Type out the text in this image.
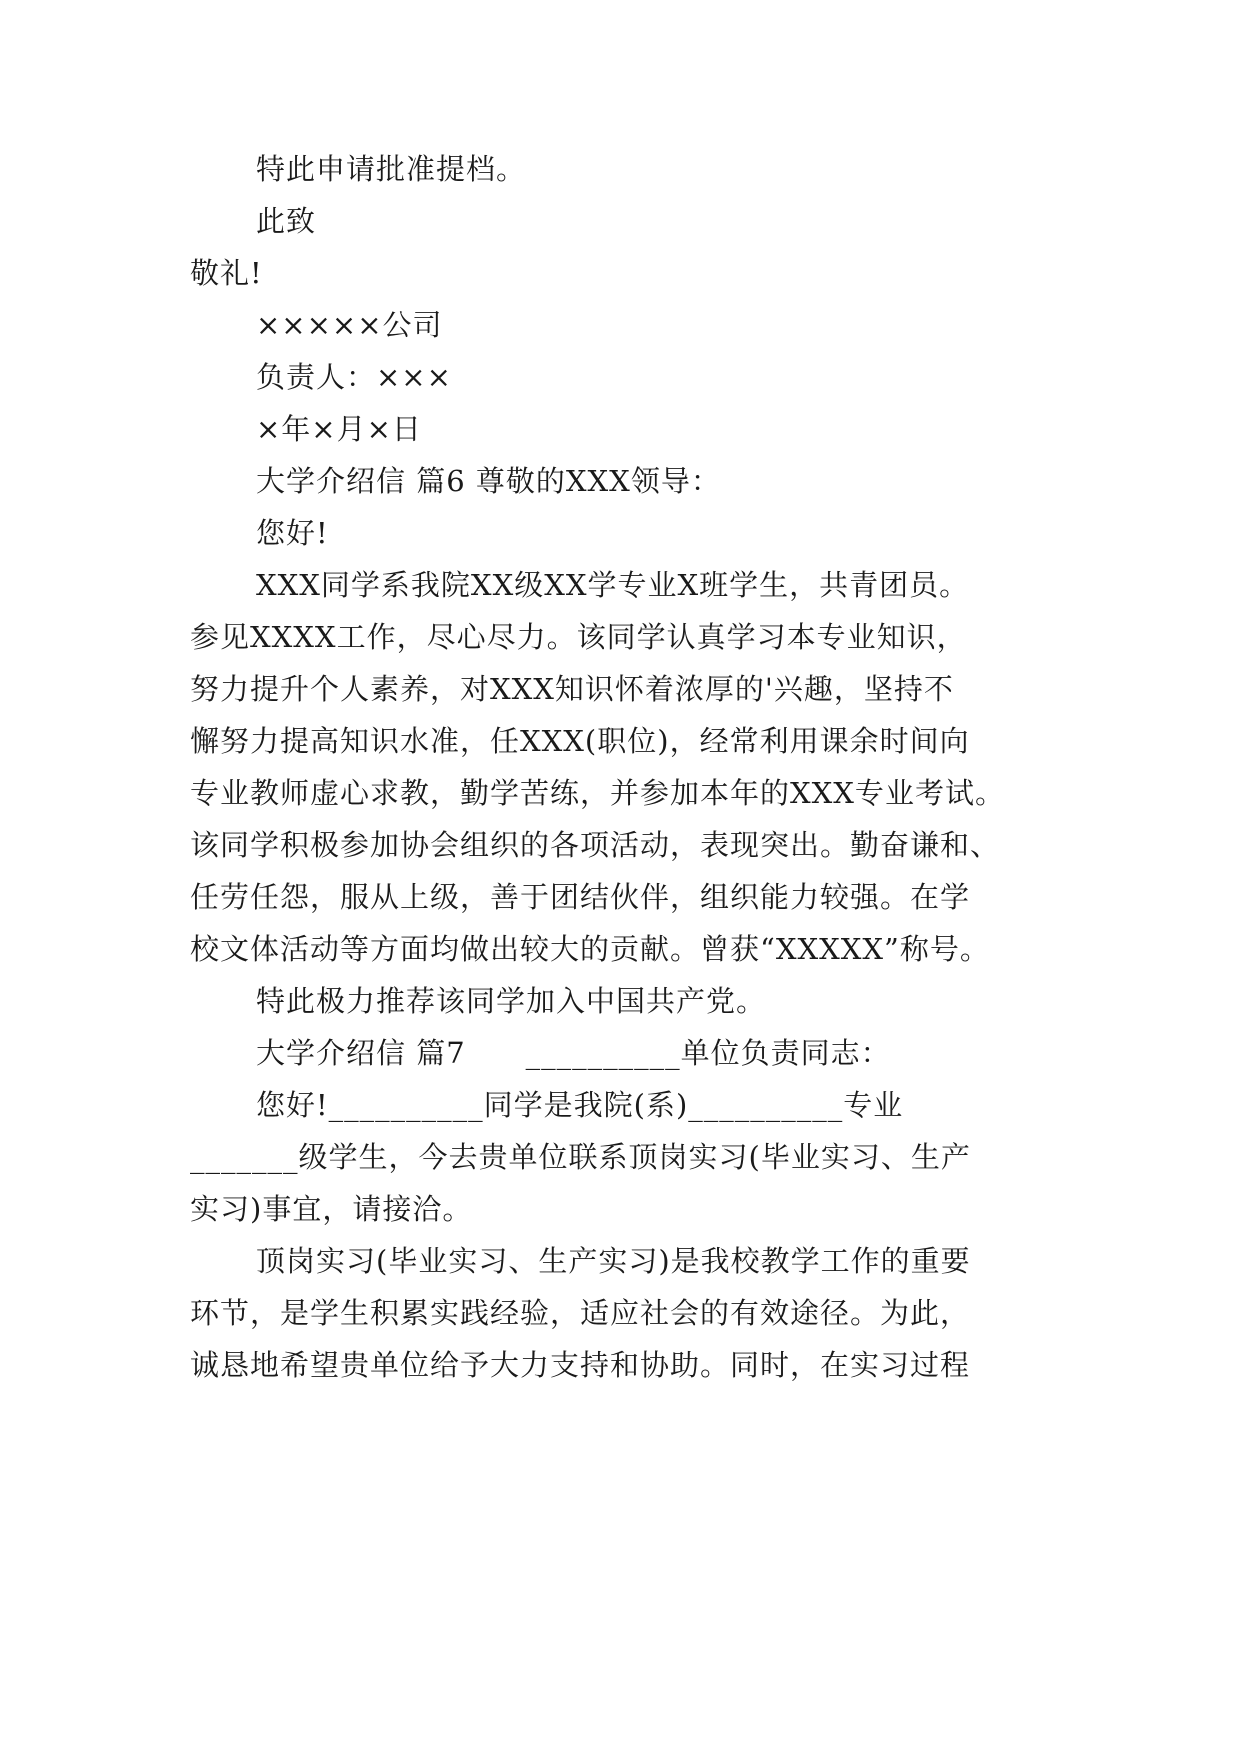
特此申请批准提档。
此致
敬礼!
×××××公司
负责人：×××
×年×月×日
大学介绍信 篇6 尊敬的XXX领导：
您好!
XXX同学系我院XX级XX学专业X班学生，共青团员。
参见XXXX工作，尽心尽力。该同学认真学习本专业知识，
努力提升个人素养，对XXX知识怀着浓厚的'兴趣，坚持不
懈努力提高知识水准，任XXX(职位)，经常利用课余时间向
专业教师虚心求教，勤学苦练，并参加本年的XXX专业考试。
该同学积极参加协会组织的各项活动，表现突出。勤奋谦和、
任劳任怨，服从上级，善于团结伙伴，组织能力较强。在学
校文体活动等方面均做出较大的贡献。曾获“XXXXX”称号。
特此极力推荐该同学加入中国共产党。
大学介绍信 篇7　　__________单位负责同志：
您好!__________同学是我院(系)__________专业
_______级学生，今去贵单位联系顶岗实习(毕业实习、生产
实习)事宜，请接洽。
顶岗实习(毕业实习、生产实习)是我校教学工作的重要
环节，是学生积累实践经验，适应社会的有效途径。为此，
诚恳地希望贵单位给予大力支持和协助。同时，在实习过程
